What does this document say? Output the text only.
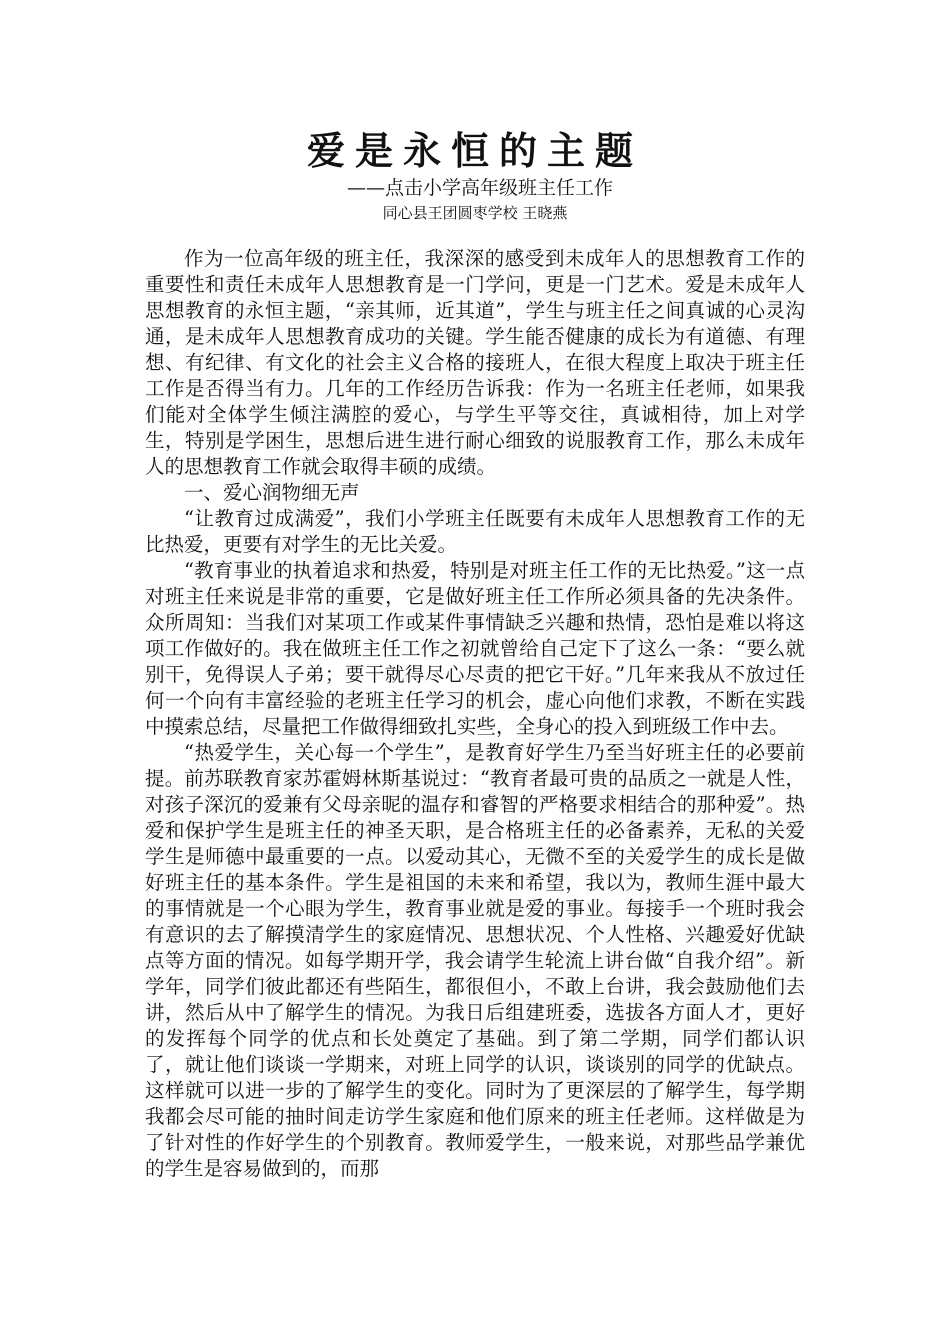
爱是永恒的主题
——点击小学高年级班主任工作
同心县王团圆枣学校 王晓燕

作为一位高年级的班主任，我深深的感受到未成年人的思想教育工作的重要性和责任未成年人思想教育是一门学问，更是一门艺术。爱是未成年人思想教育的永恒主题，“亲其师，近其道”，学生与班主任之间真诚的心灵沟通，是未成年人思想教育成功的关键。学生能否健康的成长为有道德、有理想、有纪律、有文化的社会主义合格的接班人，在很大程度上取决于班主任工作是否得当有力。几年的工作经历告诉我：作为一名班主任老师，如果我们能对全体学生倾注满腔的爱心，与学生平等交往，真诚相待，加上对学生，特别是学困生，思想后进生进行耐心细致的说服教育工作，那么未成年人的思想教育工作就会取得丰硕的成绩。

一、爱心润物细无声

“让教育过成满爱”，我们小学班主任既要有未成年人思想教育工作的无比热爱，更要有对学生的无比关爱。

“教育事业的执着追求和热爱，特别是对班主任工作的无比热爱。”这一点对班主任来说是非常的重要，它是做好班主任工作所必须具备的先决条件。众所周知：当我们对某项工作或某件事情缺乏兴趣和热情，恐怕是难以将这项工作做好的。我在做班主任工作之初就曾给自己定下了这么一条：“要么就别干，免得误人子弟；要干就得尽心尽责的把它干好。”几年来我从不放过任何一个向有丰富经验的老班主任学习的机会，虚心向他们求教，不断在实践中摸索总结，尽量把工作做得细致扎实些，全身心的投入到班级工作中去。

“热爱学生，关心每一个学生”，是教育好学生乃至当好班主任的必要前提。前苏联教育家苏霍姆林斯基说过：“教育者最可贵的品质之一就是人性，对孩子深沉的爱兼有父母亲昵的温存和睿智的严格要求相结合的那种爱”。热爱和保护学生是班主任的神圣天职，是合格班主任的必备素养，无私的关爱学生是师德中最重要的一点。以爱动其心，无微不至的关爱学生的成长是做好班主任的基本条件。学生是祖国的未来和希望，我以为，教师生涯中最大的事情就是一个心眼为学生，教育事业就是爱的事业。每接手一个班时我会有意识的去了解摸清学生的家庭情况、思想状况、个人性格、兴趣爱好优缺点等方面的情况。如每学期开学，我会请学生轮流上讲台做“自我介绍”。新学年，同学们彼此都还有些陌生，都很但小，不敢上台讲，我会鼓励他们去讲，然后从中了解学生的情况。为我日后组建班委，选拔各方面人才，更好的发挥每个同学的优点和长处奠定了基础。到了第二学期，同学们都认识了，就让他们谈谈一学期来，对班上同学的认识，谈谈别的同学的优缺点。这样就可以进一步的了解学生的变化。同时为了更深层的了解学生，每学期我都会尽可能的抽时间走访学生家庭和他们原来的班主任老师。这样做是为了针对性的作好学生的个别教育。教师爱学生，一般来说，对那些品学兼优的学生是容易做到的，而那
